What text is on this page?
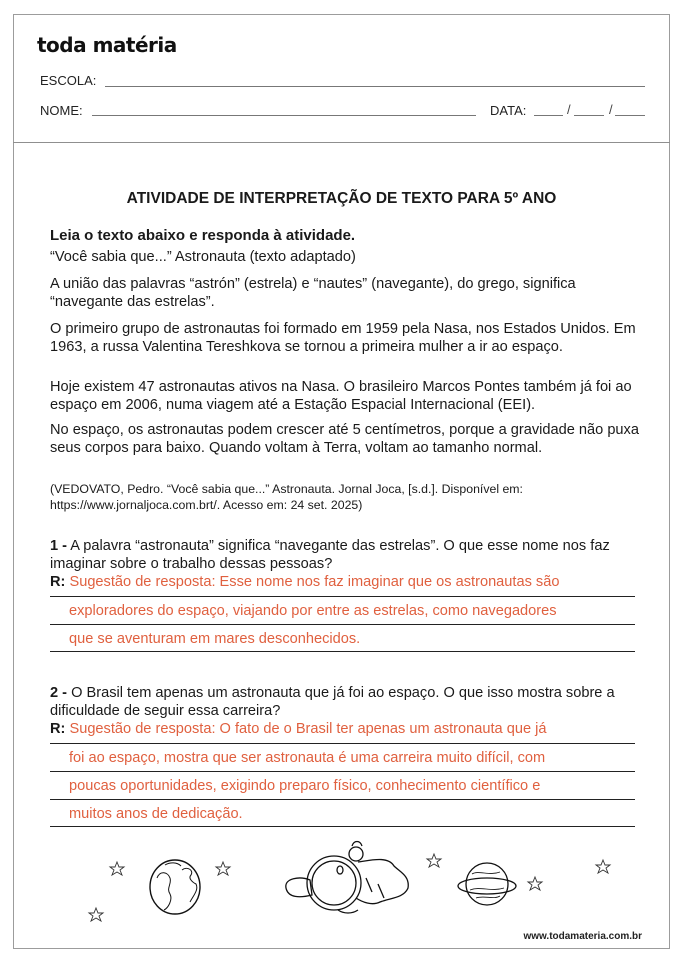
toda matéria
ESCOLA:
NOME:	DATA:	/	/
ATIVIDADE DE INTERPRETAÇÃO DE TEXTO PARA 5º ANO
Leia o texto abaixo e responda à atividade.
“Você sabia que...” Astronauta (texto adaptado)
A união das palavras “astrón” (estrela) e “nautes” (navegante), do grego, significa “navegante das estrelas”.
O primeiro grupo de astronautas foi formado em 1959 pela Nasa, nos Estados Unidos. Em 1963, a russa Valentina Tereshkova se tornou a primeira mulher a ir ao espaço.
Hoje existem 47 astronautas ativos na Nasa. O brasileiro Marcos Pontes também já foi ao espaço em 2006, numa viagem até a Estação Espacial Internacional (EEI).
No espaço, os astronautas podem crescer até 5 centímetros, porque a gravidade não puxa seus corpos para baixo. Quando voltam à Terra, voltam ao tamanho normal.
(VEDOVATO, Pedro. “Você sabia que...” Astronauta. Jornal Joca, [s.d.]. Disponível em: https://www.jornaljoca.com.brt/. Acesso em: 24 set. 2025)
1 - A palavra “astronauta” significa “navegante das estrelas”. O que esse nome nos faz imaginar sobre o trabalho dessas pessoas?
R: Sugestão de resposta: Esse nome nos faz imaginar que os astronautas são
exploradores do espaço, viajando por entre as estrelas, como navegadores
que se aventuram em mares desconhecidos.
2 - O Brasil tem apenas um astronauta que já foi ao espaço. O que isso mostra sobre a dificuldade de seguir essa carreira?
R: Sugestão de resposta: O fato de o Brasil ter apenas um astronauta que já
foi ao espaço, mostra que ser astronauta é uma carreira muito difícil, com
poucas oportunidades, exigindo preparo físico, conhecimento científico e
muitos anos de dedicação.
www.todamateria.com.br
